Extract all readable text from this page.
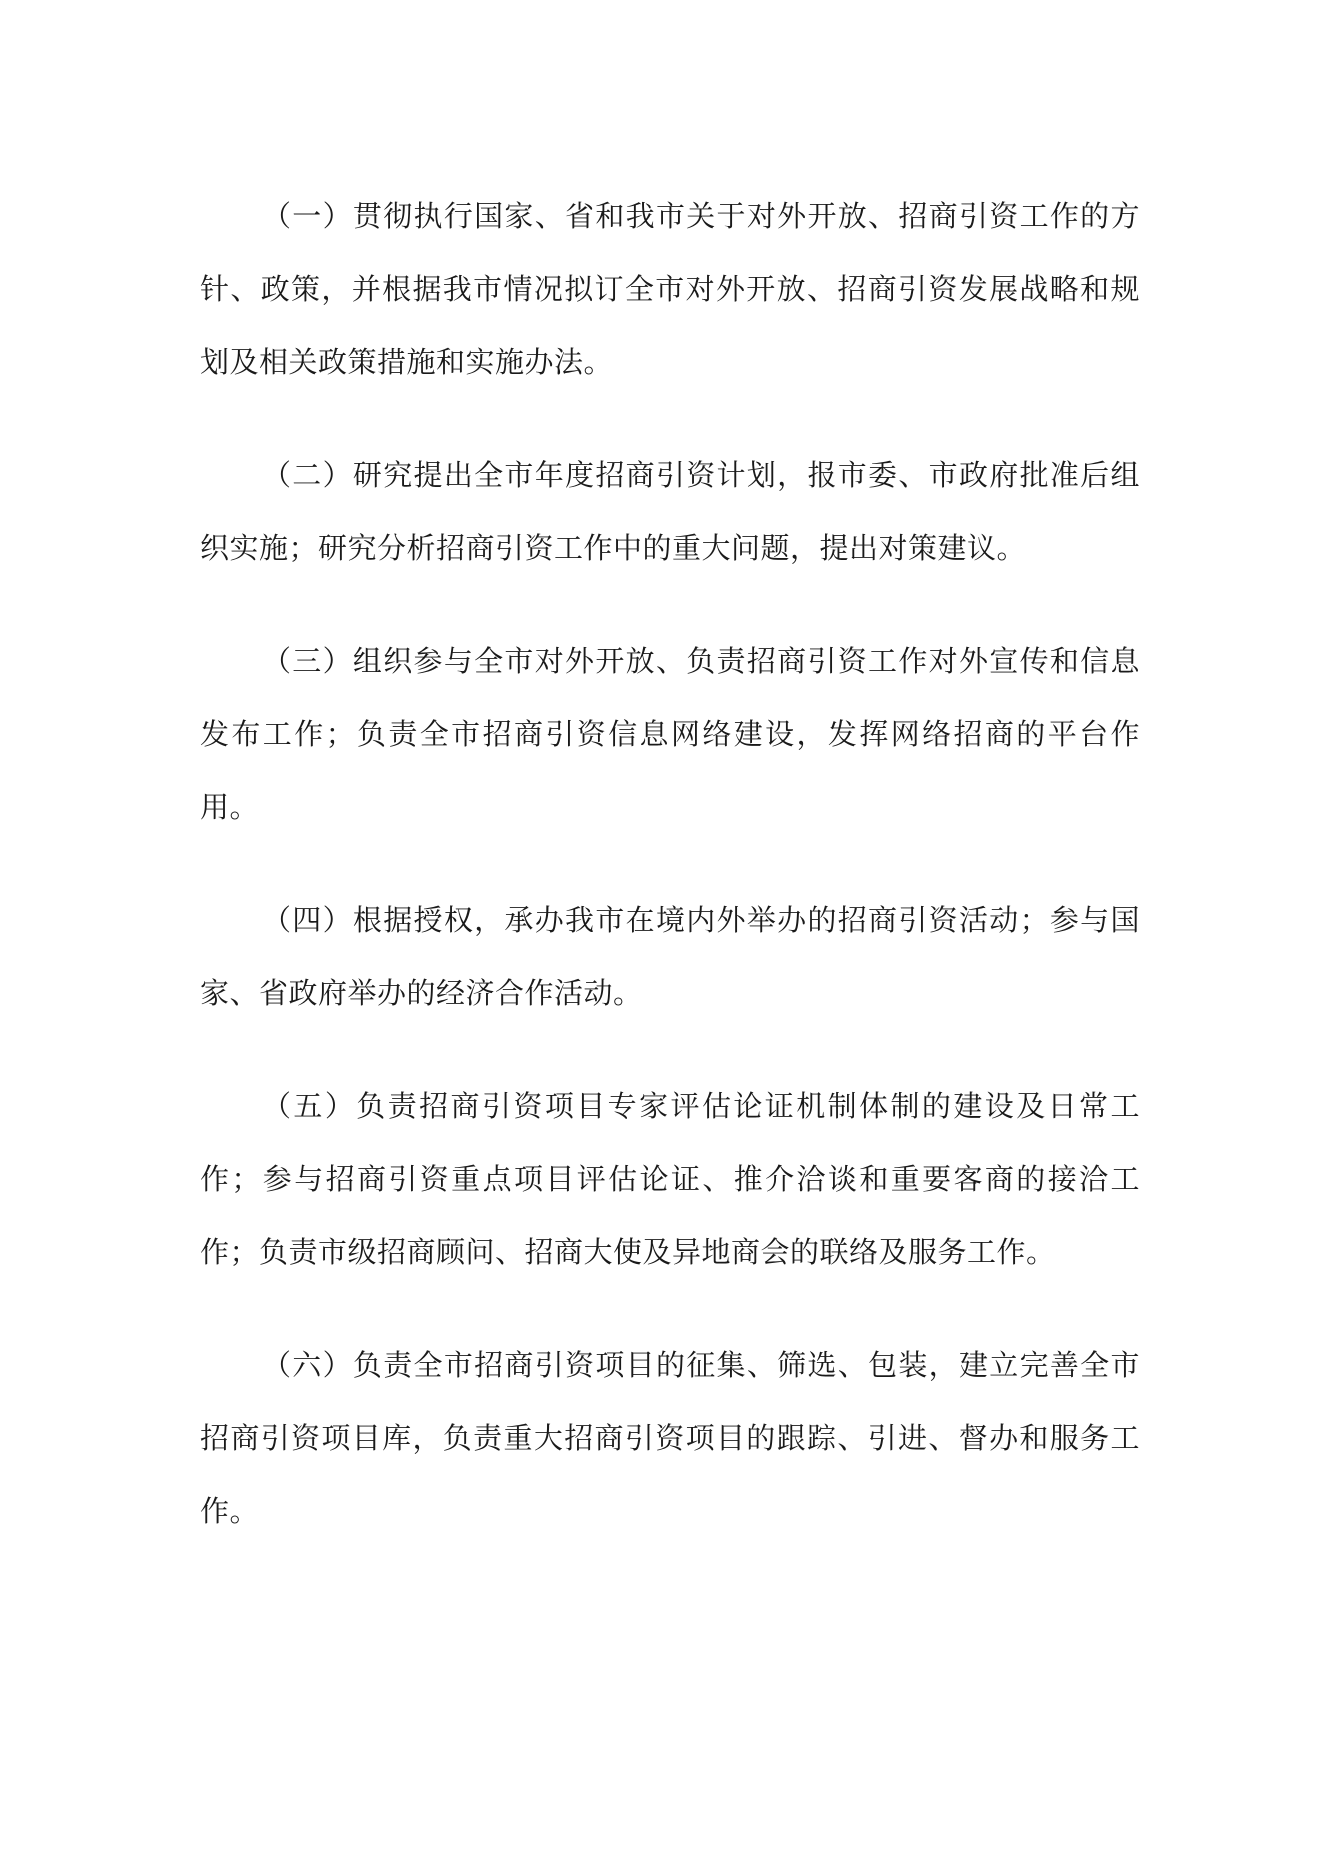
（一）贯彻执行国家、省和我市关于对外开放、招商引资工作的方针、政策，并根据我市情况拟订全市对外开放、招商引资发展战略和规划及相关政策措施和实施办法。

（二）研究提出全市年度招商引资计划，报市委、市政府批准后组织实施；研究分析招商引资工作中的重大问题，提出对策建议。

（三）组织参与全市对外开放、负责招商引资工作对外宣传和信息发布工作；负责全市招商引资信息网络建设，发挥网络招商的平台作用。

（四）根据授权，承办我市在境内外举办的招商引资活动；参与国家、省政府举办的经济合作活动。

（五）负责招商引资项目专家评估论证机制体制的建设及日常工作；参与招商引资重点项目评估论证、推介洽谈和重要客商的接洽工作；负责市级招商顾问、招商大使及异地商会的联络及服务工作。

（六）负责全市招商引资项目的征集、筛选、包装，建立完善全市招商引资项目库，负责重大招商引资项目的跟踪、引进、督办和服务工作。
